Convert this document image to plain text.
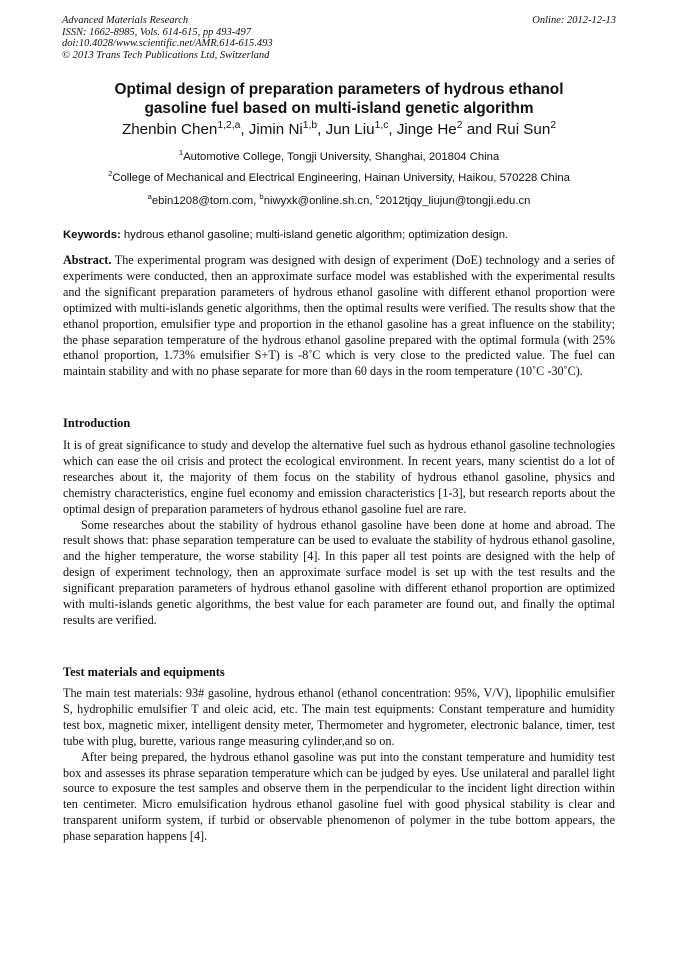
Advanced Materials Research
ISSN: 1662-8985, Vols. 614-615, pp 493-497
doi:10.4028/www.scientific.net/AMR.614-615.493
© 2013 Trans Tech Publications Ltd, Switzerland
Online: 2012-12-13
Optimal design of preparation parameters of hydrous ethanol
gasoline fuel based on multi-island genetic algorithm
Zhenbin Chen$^{1,2,a}$, Jimin Ni$^{1,b}$, Jun Liu$^{1,c}$, Jinge He$^2$ and Rui Sun$^2$
$^1$Automotive College, Tongji University, Shanghai, 201804 China
$^2$College of Mechanical and Electrical Engineering, Hainan University, Haikou, 570228 China
$^a$ebin1208@tom.com, $^b$niwyxk@online.sh.cn, $^c$2012tjqy_liujun@tongji.edu.cn
Keywords: hydrous ethanol gasoline; multi-island genetic algorithm; optimization design.

Abstract. The experimental program was designed with design of experiment (DoE) technology and a series of experiments were conducted, then an approximate surface model was established with the experimental results and the significant preparation parameters of hydrous ethanol gasoline with different ethanol proportion were optimized with multi-islands genetic algorithms, then the optimal results were verified. The results show that the ethanol proportion, emulsifier type and proportion in the ethanol gasoline has a great influence on the stability; the phase separation temperature of the hydrous ethanol gasoline prepared with the optimal formula (with 25% ethanol proportion, 1.73% emulsifier S+T) is -8˚C which is very close to the predicted value. The fuel can maintain stability and with no phase separate for more than 60 days in the room temperature (10˚C -30˚C).

Introduction

It is of great significance to study and develop the alternative fuel such as hydrous ethanol gasoline technologies which can ease the oil crisis and protect the ecological environment. In recent years, many scientist do a lot of researches about it, the majority of them focus on the stability of hydrous ethanol gasoline, physics and chemistry characteristics, engine fuel economy and emission characteristics [1-3], but research reports about the optimal design of preparation parameters of hydrous ethanol gasoline fuel are rare.

Some researches about the stability of hydrous ethanol gasoline have been done at home and abroad. The result shows that: phase separation temperature can be used to evaluate the stability of hydrous ethanol gasoline, and the higher temperature, the worse stability [4]. In this paper all test points are designed with the help of design of experiment technology, then an approximate surface model is set up with the test results and the significant preparation parameters of hydrous ethanol gasoline with different ethanol proportion are optimized with multi-islands genetic algorithms, the best value for each parameter are found out, and finally the optimal results are verified.

Test materials and equipments

The main test materials: 93# gasoline, hydrous ethanol (ethanol concentration: 95%, V/V), lipophilic emulsifier S, hydrophilic emulsifier T and oleic acid, etc. The main test equipments: Constant temperature and humidity test box, magnetic mixer, intelligent density meter, Thermometer and hygrometer, electronic balance, timer, test tube with plug, burette, various range measuring cylinder,and so on.

After being prepared, the hydrous ethanol gasoline was put into the constant temperature and humidity test box and assesses its phrase separation temperature which can be judged by eyes. Use unilateral and parallel light source to exposure the test samples and observe them in the perpendicular to the incident light direction within ten centimeter. Micro emulsification hydrous ethanol gasoline fuel with good physical stability is clear and transparent uniform system, if turbid or observable phenomenon of polymer in the tube bottom appears, the phase separation happens [4].
